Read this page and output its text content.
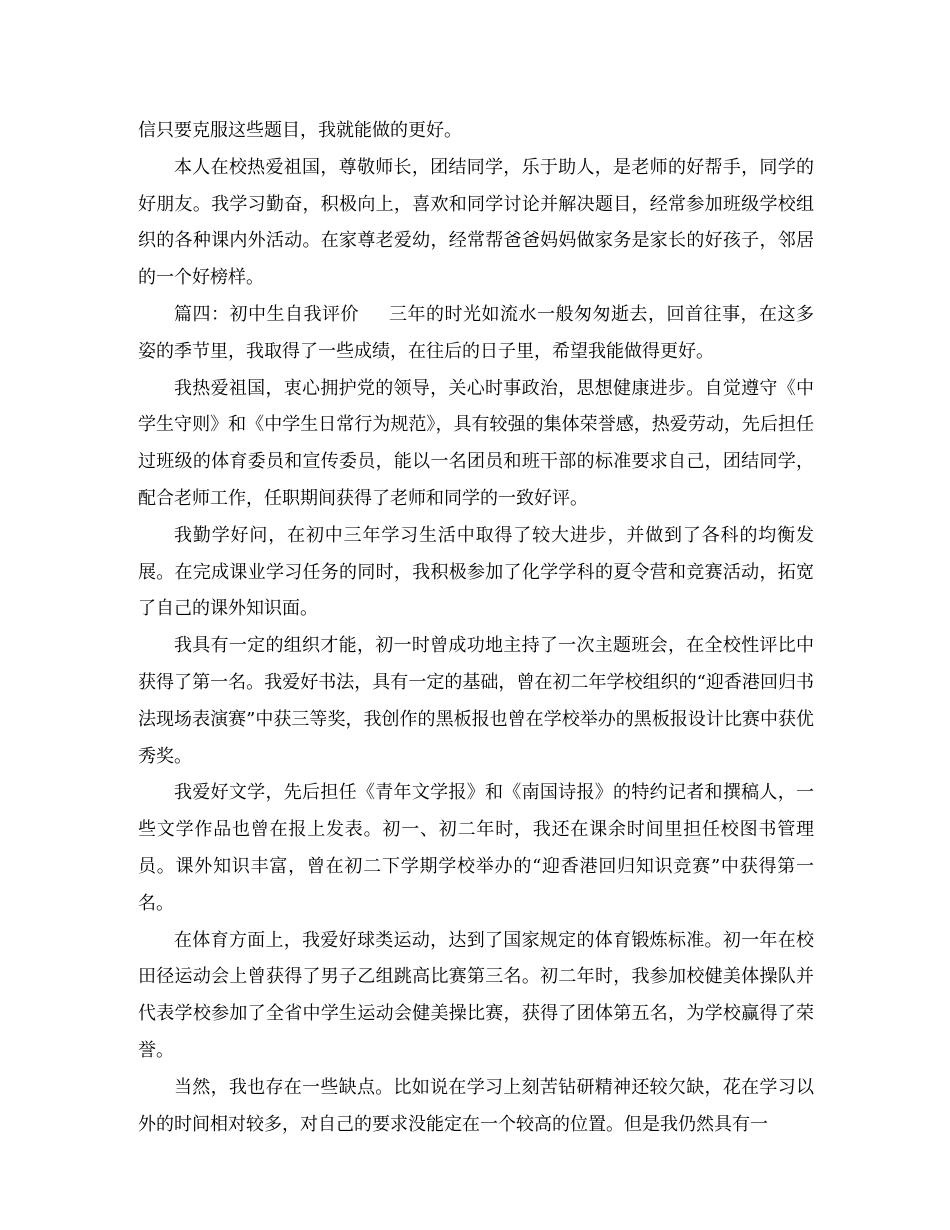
信只要克服这些题目，我就能做的更好。

本人在校热爱祖国，尊敬师长，团结同学，乐于助人，是老师的好帮手，同学的好朋友。我学习勤奋，积极向上，喜欢和同学讨论并解决题目，经常参加班级学校组织的各种课内外活动。在家尊老爱幼，经常帮爸爸妈妈做家务是家长的好孩子，邻居的一个好榜样。

篇四：初中生自我评价 三年的时光如流水一般匆匆逝去，回首往事，在这多姿的季节里，我取得了一些成绩，在往后的日子里，希望我能做得更好。

我热爱祖国，衷心拥护党的领导，关心时事政治，思想健康进步。自觉遵守《中学生守则》和《中学生日常行为规范》，具有较强的集体荣誉感，热爱劳动，先后担任过班级的体育委员和宣传委员，能以一名团员和班干部的标准要求自己，团结同学，配合老师工作，任职期间获得了老师和同学的一致好评。

我勤学好问，在初中三年学习生活中取得了较大进步，并做到了各科的均衡发展。在完成课业学习任务的同时，我积极参加了化学学科的夏令营和竞赛活动，拓宽了自己的课外知识面。

我具有一定的组织才能，初一时曾成功地主持了一次主题班会，在全校性评比中获得了第一名。我爱好书法，具有一定的基础，曾在初二年学校组织的“迎香港回归书法现场表演赛”中获三等奖，我创作的黑板报也曾在学校举办的黑板报设计比赛中获优秀奖。

我爱好文学，先后担任《青年文学报》和《南国诗报》的特约记者和撰稿人，一些文学作品也曾在报上发表。初一、初二年时，我还在课余时间里担任校图书管理员。课外知识丰富，曾在初二下学期学校举办的“迎香港回归知识竞赛”中获得第一名。

在体育方面上，我爱好球类运动，达到了国家规定的体育锻炼标准。初一年在校田径运动会上曾获得了男子乙组跳高比赛第三名。初二年时，我参加校健美体操队并代表学校参加了全省中学生运动会健美操比赛，获得了团体第五名，为学校赢得了荣誉。

当然，我也存在一些缺点。比如说在学习上刻苦钻研精神还较欠缺，花在学习以外的时间相对较多，对自己的要求没能定在一个较高的位置。但是我仍然具有一
